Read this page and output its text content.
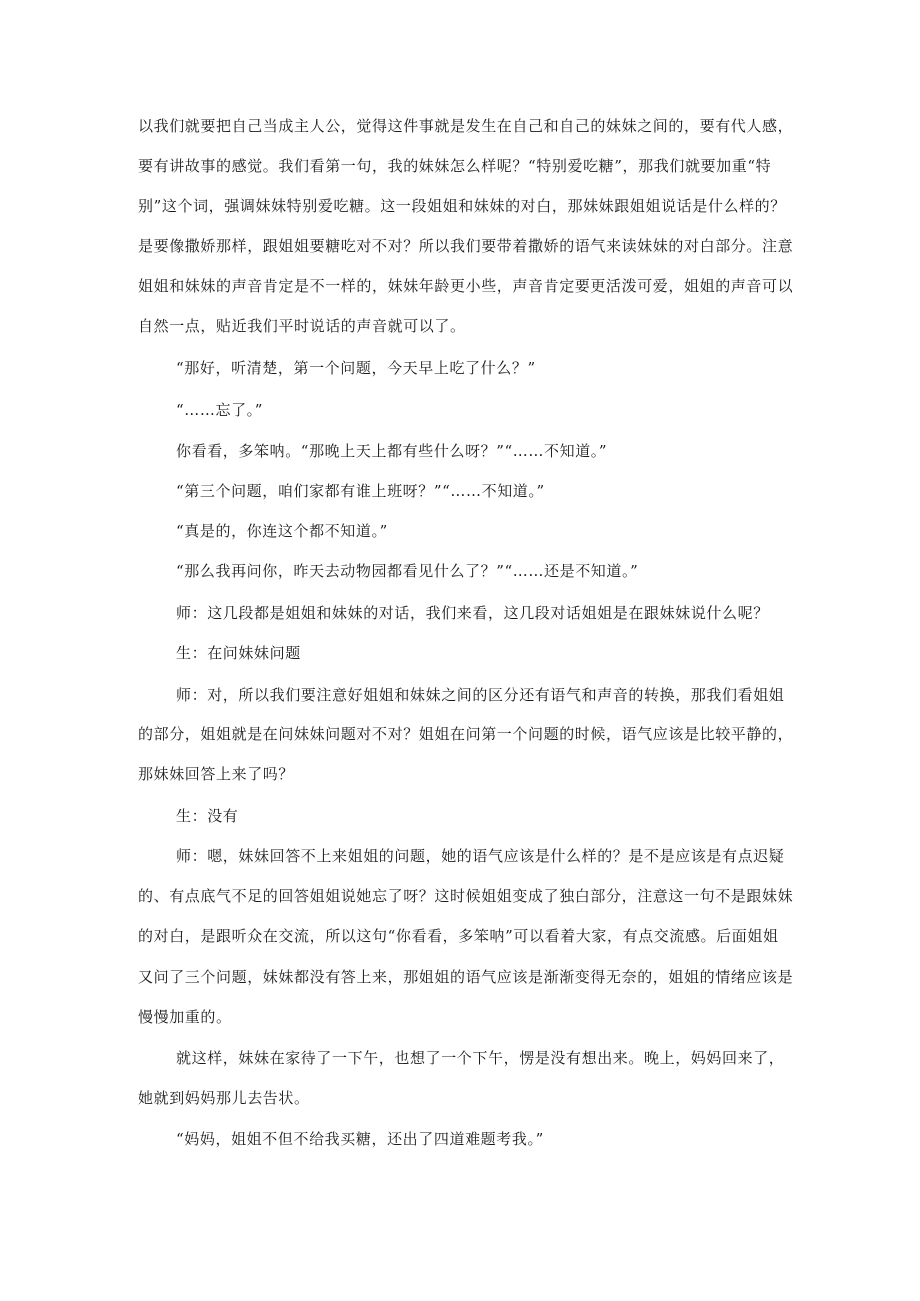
以我们就要把自己当成主人公，觉得这件事就是发生在自己和自己的妹妹之间的，要有代人感，
要有讲故事的感觉。我们看第一句，我的妹妹怎么样呢？“特别爱吃糖”，那我们就要加重“特
别”这个词，强调妹妹特别爱吃糖。这一段姐姐和妹妹的对白，那妹妹跟姐姐说话是什么样的？
是要像撒娇那样，跟姐姐要糖吃对不对？所以我们要带着撒娇的语气来读妹妹的对白部分。注意
姐姐和妹妹的声音肯定是不一样的，妹妹年龄更小些，声音肯定要更活泼可爱，姐姐的声音可以
自然一点，贴近我们平时说话的声音就可以了。
“那好，听清楚，第一个问题，今天早上吃了什么？”
“……忘了。”
你看看，多笨呐。“那晚上天上都有些什么呀？”“……不知道。”
“第三个问题，咱们家都有谁上班呀？”“……不知道。”
“真是的，你连这个都不知道。”
“那么我再问你，昨天去动物园都看见什么了？”“……还是不知道。”
师：这几段都是姐姐和妹妹的对话，我们来看，这几段对话姐姐是在跟妹妹说什么呢？
生：在问妹妹问题
师：对，所以我们要注意好姐姐和妹妹之间的区分还有语气和声音的转换，那我们看姐姐
的部分，姐姐就是在问妹妹问题对不对？姐姐在问第一个问题的时候，语气应该是比较平静的，
那妹妹回答上来了吗？
生：没有
师：嗯，妹妹回答不上来姐姐的问题，她的语气应该是什么样的？是不是应该是有点迟疑
的、有点底气不足的回答姐姐说她忘了呀？这时候姐姐变成了独白部分，注意这一句不是跟妹妹
的对白，是跟听众在交流，所以这句“你看看，多笨呐”可以看着大家，有点交流感。后面姐姐
又问了三个问题，妹妹都没有答上来，那姐姐的语气应该是渐渐变得无奈的，姐姐的情绪应该是
慢慢加重的。
就这样，妹妹在家待了一下午，也想了一个下午，愣是没有想出来。晚上，妈妈回来了，
她就到妈妈那儿去告状。
“妈妈，姐姐不但不给我买糖，还出了四道难题考我。”
